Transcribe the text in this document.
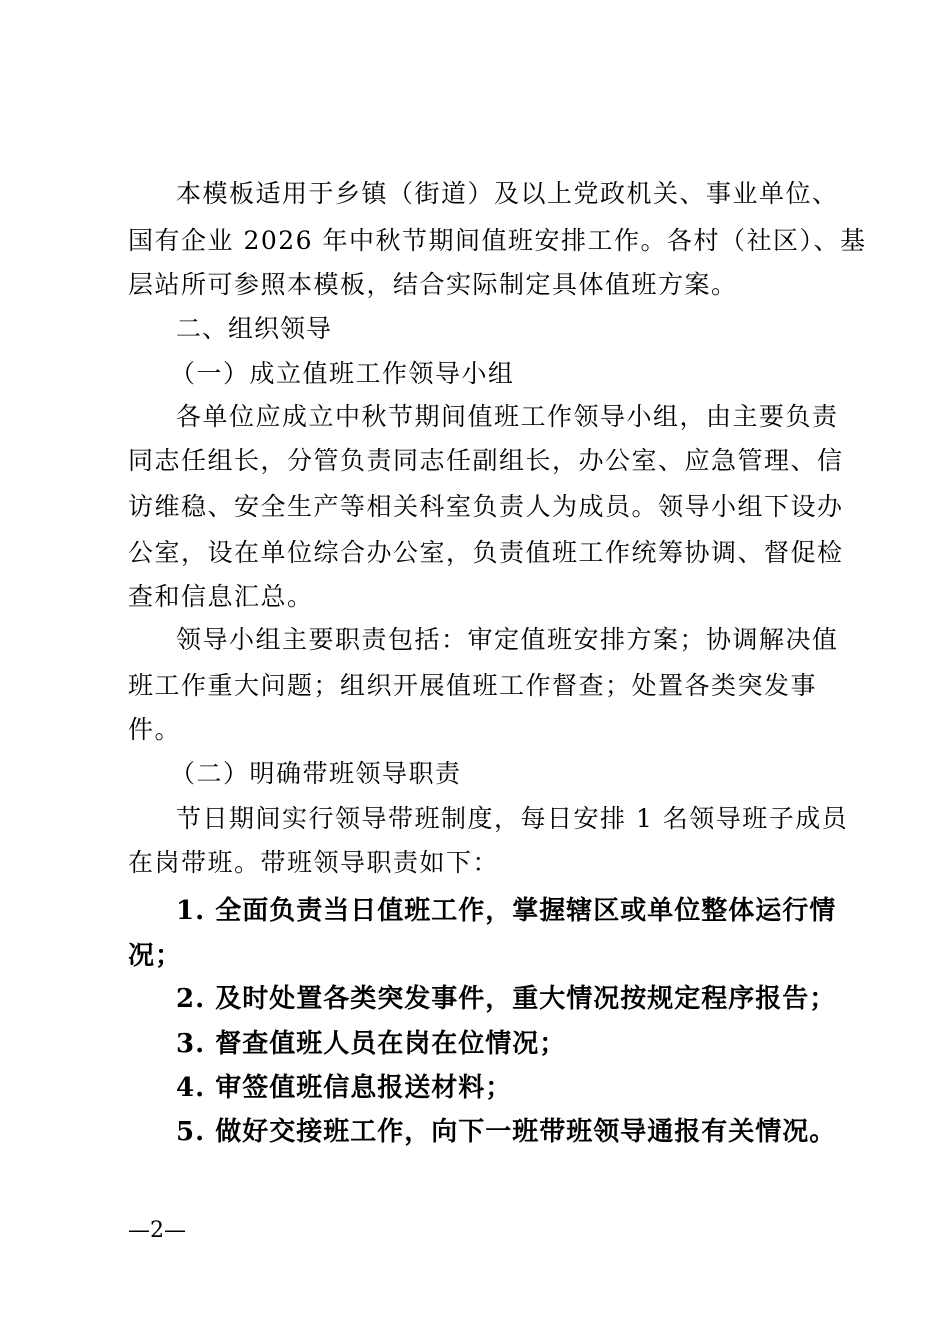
本模板适用于乡镇（街道）及以上党政机关、事业单位、
国有企业 2026 年中秋节期间值班安排工作。各村（社区）、基
层站所可参照本模板，结合实际制定具体值班方案。
二、组织领导
（一）成立值班工作领导小组
各单位应成立中秋节期间值班工作领导小组，由主要负责
同志任组长，分管负责同志任副组长，办公室、应急管理、信
访维稳、安全生产等相关科室负责人为成员。领导小组下设办
公室，设在单位综合办公室，负责值班工作统筹协调、督促检
查和信息汇总。
领导小组主要职责包括：审定值班安排方案；协调解决值
班工作重大问题；组织开展值班工作督查；处置各类突发事
件。
（二）明确带班领导职责
节日期间实行领导带班制度，每日安排 1 名领导班子成员
在岗带班。带班领导职责如下：
1. 全面负责当日值班工作，掌握辖区或单位整体运行情
况；
2. 及时处置各类突发事件，重大情况按规定程序报告；
3. 督查值班人员在岗在位情况；
4. 审签值班信息报送材料；
5. 做好交接班工作，向下一班带班领导通报有关情况。
—2—
